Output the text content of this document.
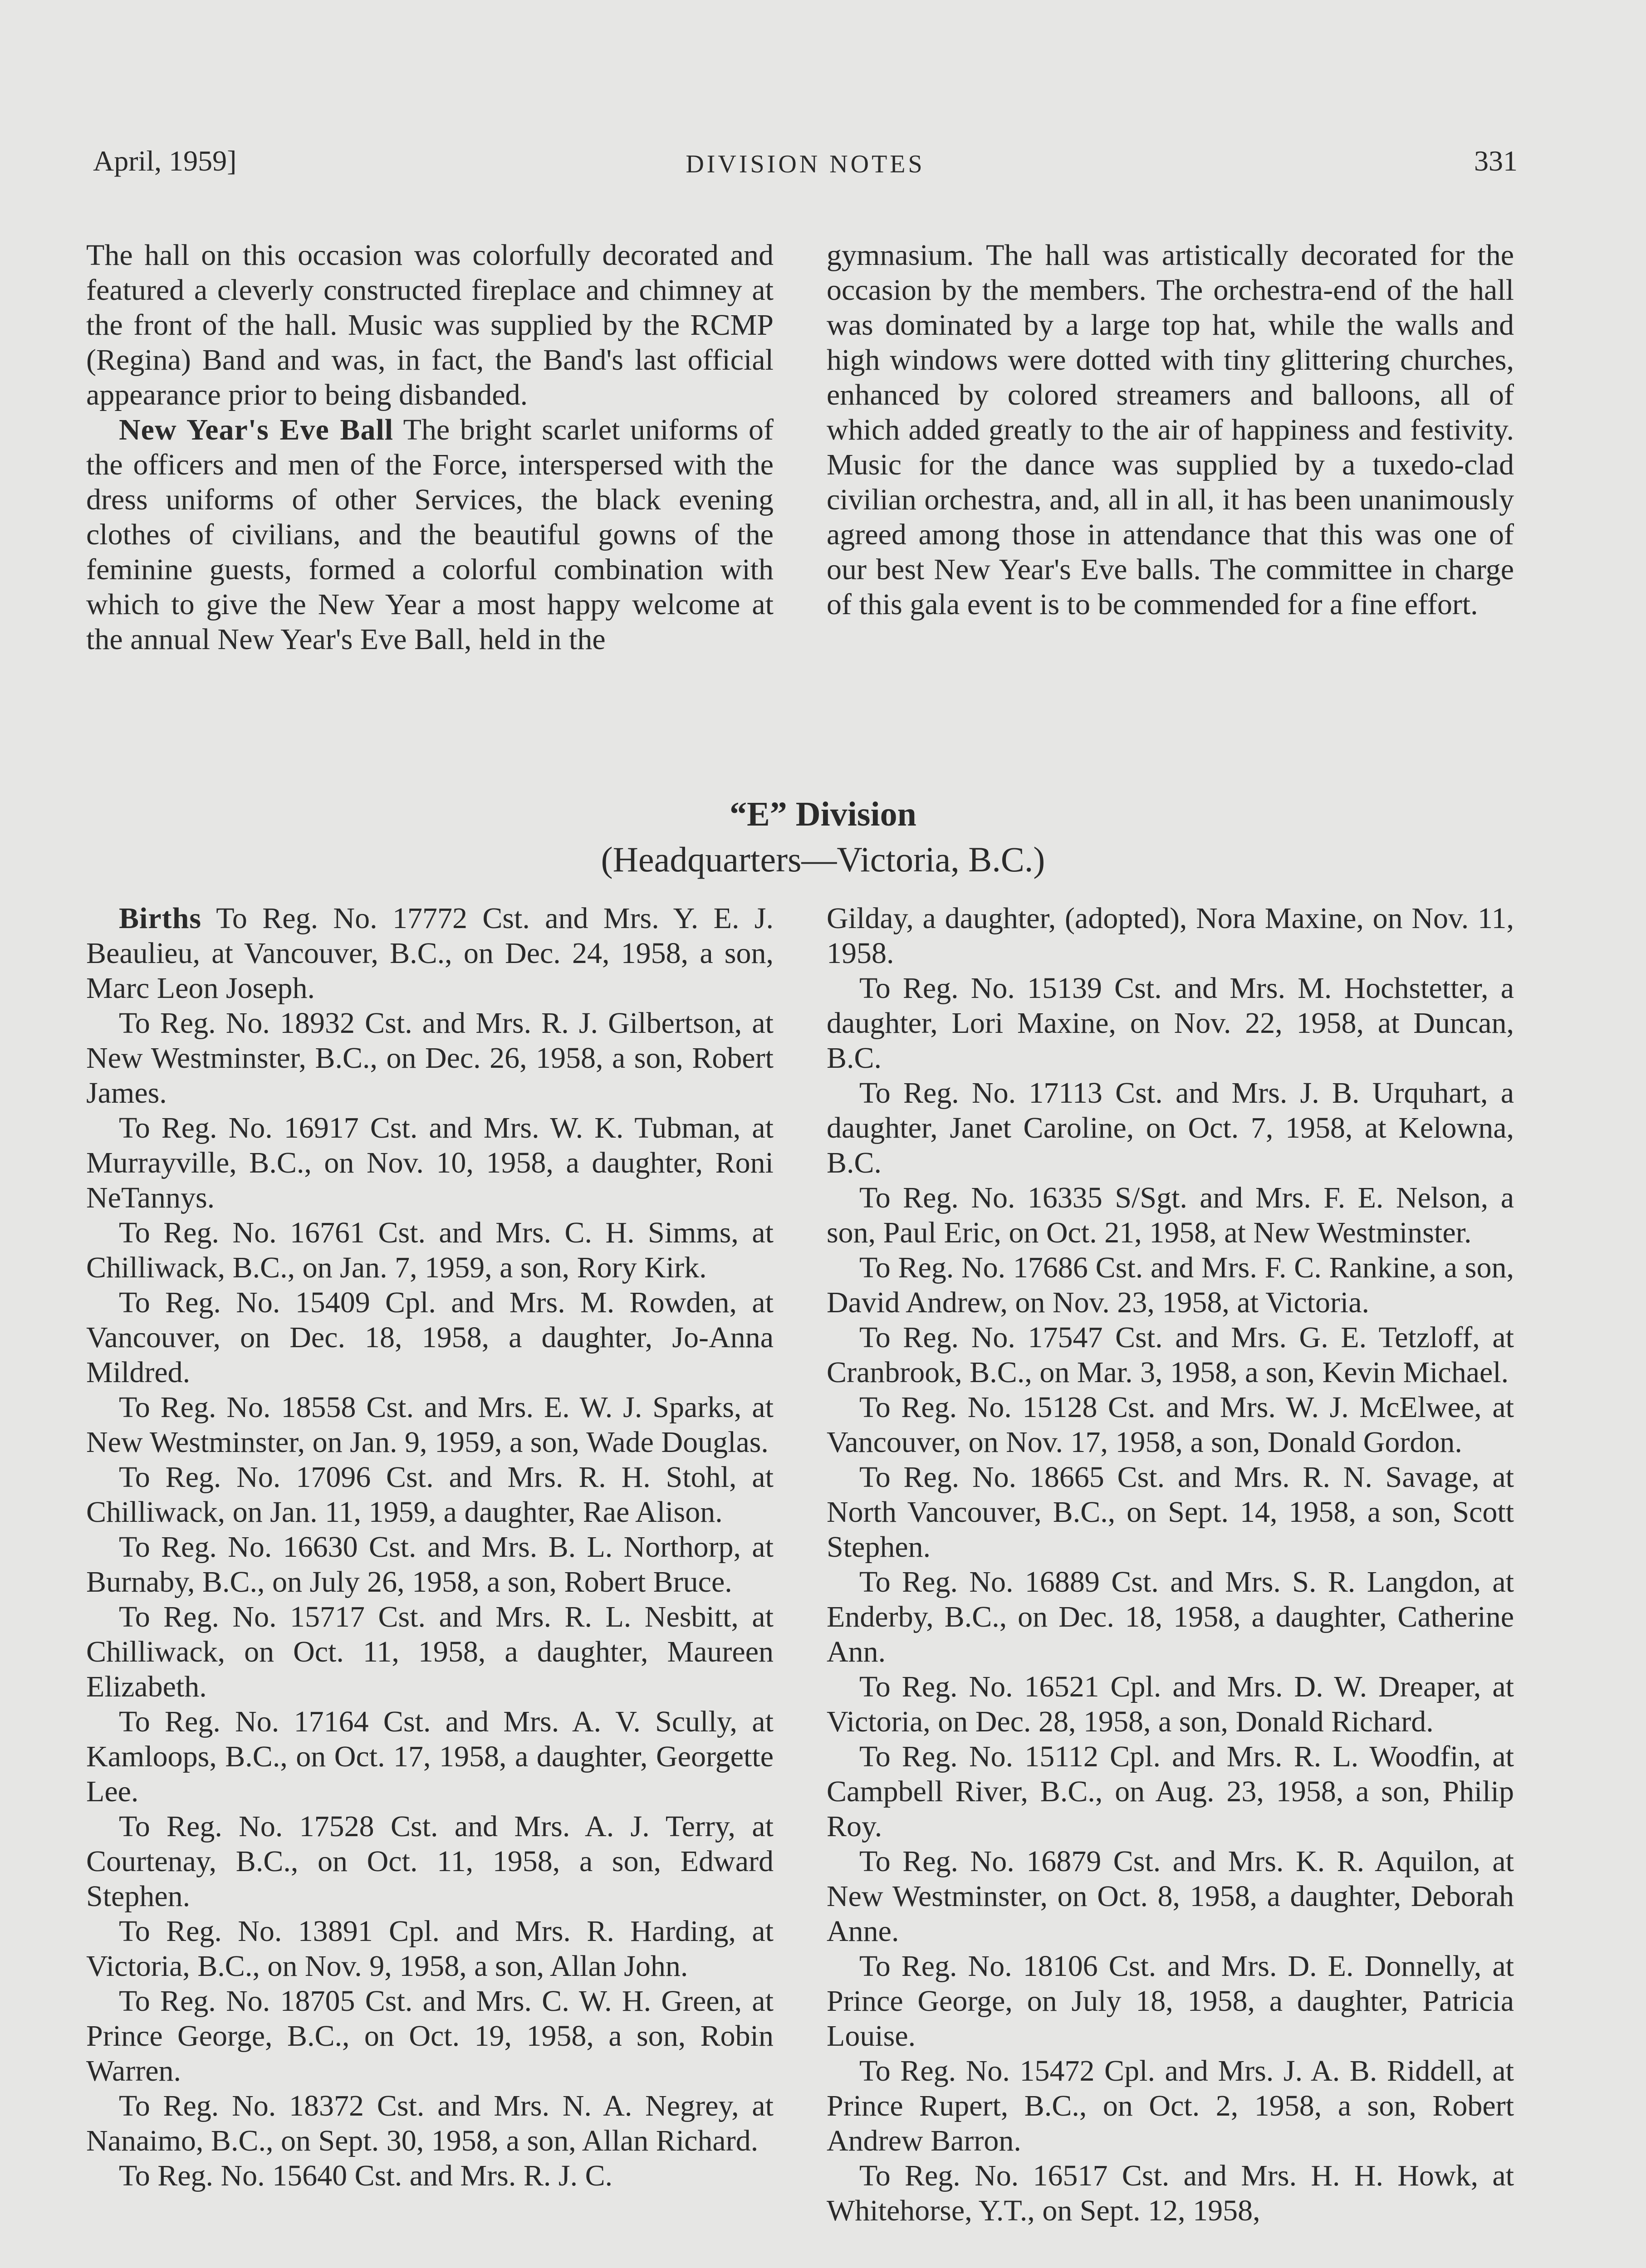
April, 1959]	DIVISION NOTES	331

The hall on this occasion was colorfully decorated and featured a cleverly constructed fireplace and chimney at the front of the hall. Music was supplied by the RCMP (Regina) Band and was, in fact, the Band's last official appearance prior to being disbanded.

New Year's Eve Ball The bright scarlet uniforms of the officers and men of the Force, interspersed with the dress uniforms of other Services, the black evening clothes of civilians, and the beautiful gowns of the feminine guests, formed a colorful combination with which to give the New Year a most happy welcome at the annual New Year's Eve Ball, held in the

gymnasium. The hall was artistically decorated for the occasion by the members. The orchestra-end of the hall was dominated by a large top hat, while the walls and high windows were dotted with tiny glittering churches, enhanced by colored streamers and balloons, all of which added greatly to the air of happiness and festivity. Music for the dance was supplied by a tuxedo-clad civilian orchestra, and, all in all, it has been unanimously agreed among those in attendance that this was one of our best New Year's Eve balls. The committee in charge of this gala event is to be commended for a fine effort.

“E” Division
(Headquarters—Victoria, B.C.)

Births To Reg. No. 17772 Cst. and Mrs. Y. E. J. Beaulieu, at Vancouver, B.C., on Dec. 24, 1958, a son, Marc Leon Joseph.

To Reg. No. 18932 Cst. and Mrs. R. J. Gilbertson, at New Westminster, B.C., on Dec. 26, 1958, a son, Robert James.

To Reg. No. 16917 Cst. and Mrs. W. K. Tubman, at Murrayville, B.C., on Nov. 10, 1958, a daughter, Roni NeTannys.

To Reg. No. 16761 Cst. and Mrs. C. H. Simms, at Chilliwack, B.C., on Jan. 7, 1959, a son, Rory Kirk.

To Reg. No. 15409 Cpl. and Mrs. M. Rowden, at Vancouver, on Dec. 18, 1958, a daughter, Jo-Anna Mildred.

To Reg. No. 18558 Cst. and Mrs. E. W. J. Sparks, at New Westminster, on Jan. 9, 1959, a son, Wade Douglas.

To Reg. No. 17096 Cst. and Mrs. R. H. Stohl, at Chilliwack, on Jan. 11, 1959, a daughter, Rae Alison.

To Reg. No. 16630 Cst. and Mrs. B. L. Northorp, at Burnaby, B.C., on July 26, 1958, a son, Robert Bruce.

To Reg. No. 15717 Cst. and Mrs. R. L. Nesbitt, at Chilliwack, on Oct. 11, 1958, a daughter, Maureen Elizabeth.

To Reg. No. 17164 Cst. and Mrs. A. V. Scully, at Kamloops, B.C., on Oct. 17, 1958, a daughter, Georgette Lee.

To Reg. No. 17528 Cst. and Mrs. A. J. Terry, at Courtenay, B.C., on Oct. 11, 1958, a son, Edward Stephen.

To Reg. No. 13891 Cpl. and Mrs. R. Harding, at Victoria, B.C., on Nov. 9, 1958, a son, Allan John.

To Reg. No. 18705 Cst. and Mrs. C. W. H. Green, at Prince George, B.C., on Oct. 19, 1958, a son, Robin Warren.

To Reg. No. 18372 Cst. and Mrs. N. A. Negrey, at Nanaimo, B.C., on Sept. 30, 1958, a son, Allan Richard.

To Reg. No. 15640 Cst. and Mrs. R. J. C.

Gilday, a daughter, (adopted), Nora Maxine, on Nov. 11, 1958.

To Reg. No. 15139 Cst. and Mrs. M. Hochstetter, a daughter, Lori Maxine, on Nov. 22, 1958, at Duncan, B.C.

To Reg. No. 17113 Cst. and Mrs. J. B. Urquhart, a daughter, Janet Caroline, on Oct. 7, 1958, at Kelowna, B.C.

To Reg. No. 16335 S/Sgt. and Mrs. F. E. Nelson, a son, Paul Eric, on Oct. 21, 1958, at New Westminster.

To Reg. No. 17686 Cst. and Mrs. F. C. Rankine, a son, David Andrew, on Nov. 23, 1958, at Victoria.

To Reg. No. 17547 Cst. and Mrs. G. E. Tetzloff, at Cranbrook, B.C., on Mar. 3, 1958, a son, Kevin Michael.

To Reg. No. 15128 Cst. and Mrs. W. J. McElwee, at Vancouver, on Nov. 17, 1958, a son, Donald Gordon.

To Reg. No. 18665 Cst. and Mrs. R. N. Savage, at North Vancouver, B.C., on Sept. 14, 1958, a son, Scott Stephen.

To Reg. No. 16889 Cst. and Mrs. S. R. Langdon, at Enderby, B.C., on Dec. 18, 1958, a daughter, Catherine Ann.

To Reg. No. 16521 Cpl. and Mrs. D. W. Dreaper, at Victoria, on Dec. 28, 1958, a son, Donald Richard.

To Reg. No. 15112 Cpl. and Mrs. R. L. Woodfin, at Campbell River, B.C., on Aug. 23, 1958, a son, Philip Roy.

To Reg. No. 16879 Cst. and Mrs. K. R. Aquilon, at New Westminster, on Oct. 8, 1958, a daughter, Deborah Anne.

To Reg. No. 18106 Cst. and Mrs. D. E. Donnelly, at Prince George, on July 18, 1958, a daughter, Patricia Louise.

To Reg. No. 15472 Cpl. and Mrs. J. A. B. Riddell, at Prince Rupert, B.C., on Oct. 2, 1958, a son, Robert Andrew Barron.

To Reg. No. 16517 Cst. and Mrs. H. H. Howk, at Whitehorse, Y.T., on Sept. 12, 1958,
